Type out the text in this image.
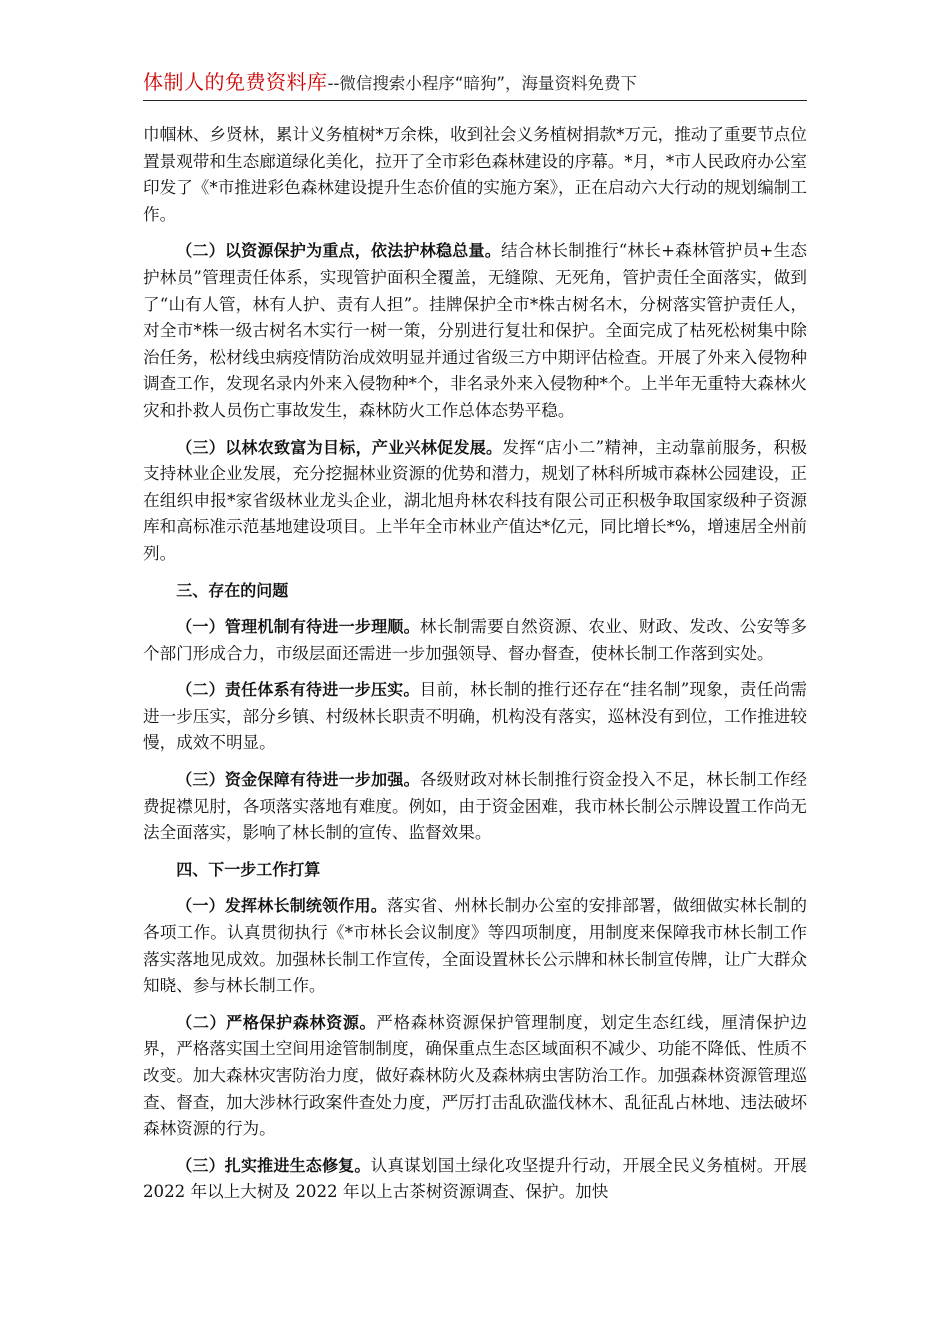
体制人的免费资料库--微信搜索小程序“暗狗”，海量资料免费下

巾帼林、乡贤林，累计义务植树*万余株，收到社会义务植树捐款*万元，推动了重要节点位置景观带和生态廊道绿化美化，拉开了全市彩色森林建设的序幕。*月，*市人民政府办公室印发了《*市推进彩色森林建设提升生态价值的实施方案》，正在启动六大行动的规划编制工作。

（二）以资源保护为重点，依法护林稳总量。结合林长制推行“林长+森林管护员+生态护林员”管理责任体系，实现管护面积全覆盖，无缝隙、无死角，管护责任全面落实，做到了“山有人管，林有人护、责有人担”。挂牌保护全市*株古树名木，分树落实管护责任人，对全市*株一级古树名木实行一树一策，分别进行复壮和保护。全面完成了枯死松树集中除治任务，松材线虫病疫情防治成效明显并通过省级三方中期评估检查。开展了外来入侵物种调查工作，发现名录内外来入侵物种*个，非名录外来入侵物种*个。上半年无重特大森林火灾和扑救人员伤亡事故发生，森林防火工作总体态势平稳。

（三）以林农致富为目标，产业兴林促发展。发挥“店小二”精神，主动靠前服务，积极支持林业企业发展，充分挖掘林业资源的优势和潜力，规划了林科所城市森林公园建设，正在组织申报*家省级林业龙头企业，湖北旭舟林农科技有限公司正积极争取国家级种子资源库和高标准示范基地建设项目。上半年全市林业产值达*亿元，同比增长*%，增速居全州前列。

三、存在的问题

（一）管理机制有待进一步理顺。林长制需要自然资源、农业、财政、发改、公安等多个部门形成合力，市级层面还需进一步加强领导、督办督查，使林长制工作落到实处。

（二）责任体系有待进一步压实。目前，林长制的推行还存在“挂名制”现象，责任尚需进一步压实，部分乡镇、村级林长职责不明确，机构没有落实，巡林没有到位，工作推进较慢，成效不明显。

（三）资金保障有待进一步加强。各级财政对林长制推行资金投入不足，林长制工作经费捉襟见肘，各项落实落地有难度。例如，由于资金困难，我市林长制公示牌设置工作尚无法全面落实，影响了林长制的宣传、监督效果。

四、下一步工作打算

（一）发挥林长制统领作用。落实省、州林长制办公室的安排部署，做细做实林长制的各项工作。认真贯彻执行《*市林长会议制度》等四项制度，用制度来保障我市林长制工作落实落地见成效。加强林长制工作宣传，全面设置林长公示牌和林长制宣传牌，让广大群众知晓、参与林长制工作。

（二）严格保护森林资源。严格森林资源保护管理制度，划定生态红线，厘清保护边界，严格落实国土空间用途管制制度，确保重点生态区域面积不减少、功能不降低、性质不改变。加大森林灾害防治力度，做好森林防火及森林病虫害防治工作。加强森林资源管理巡查、督查，加大涉林行政案件查处力度，严厉打击乱砍滥伐林木、乱征乱占林地、违法破坏森林资源的行为。

（三）扎实推进生态修复。认真谋划国土绿化攻坚提升行动，开展全民义务植树。开展 2022 年以上大树及 2022 年以上古茶树资源调查、保护。加快
